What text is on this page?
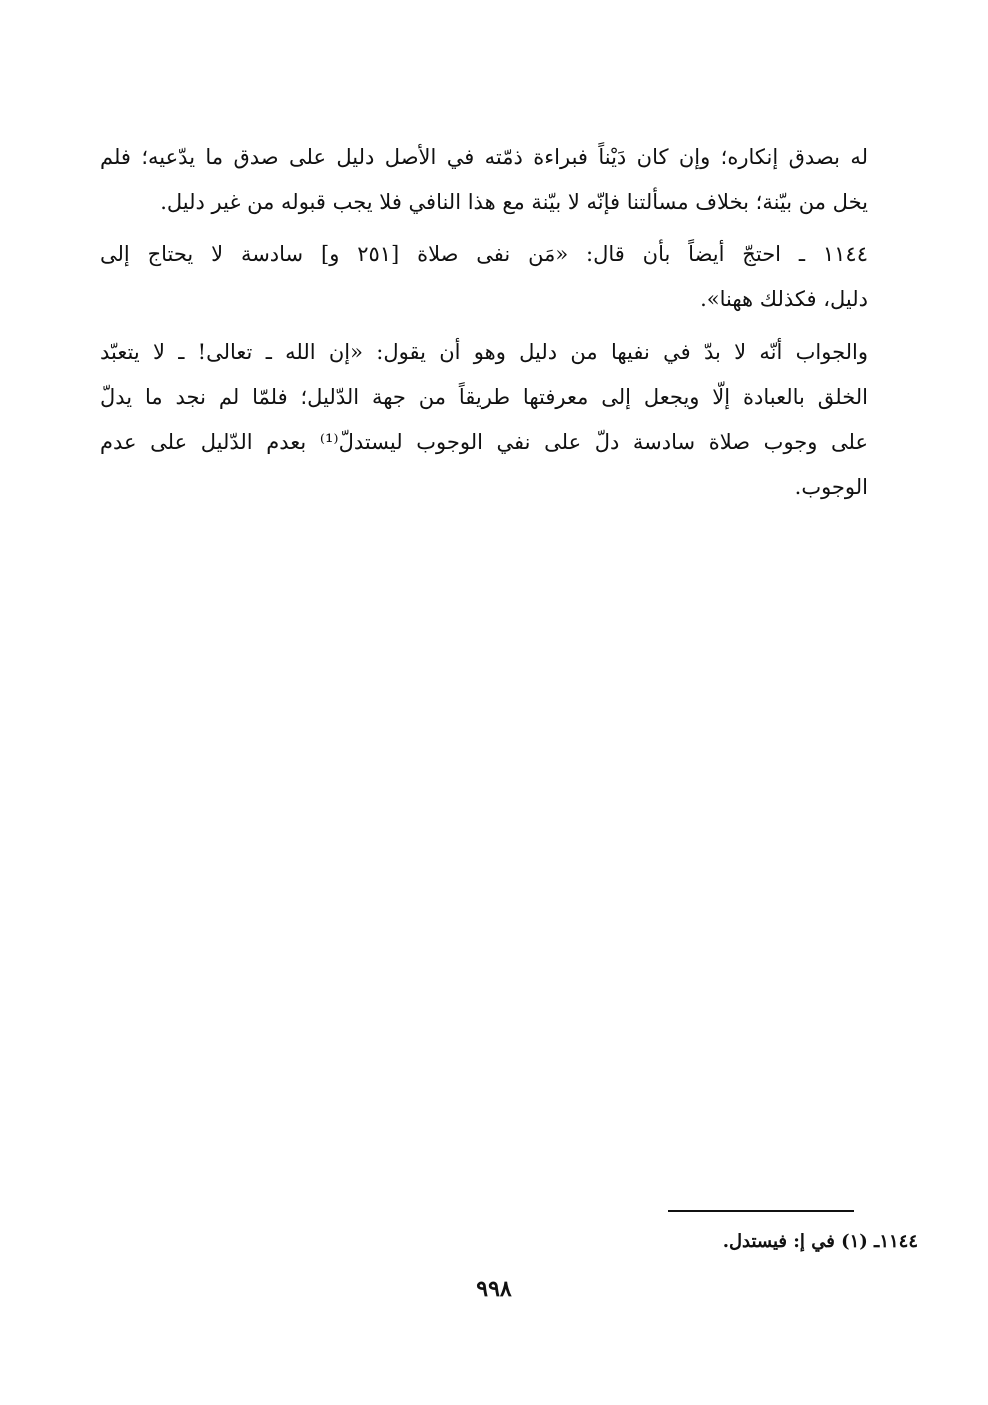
له بصدق إنكاره؛ وإن كان دَيْناً فبراءة ذمّته في الأصل دليل على صدق ما يدّعيه؛ فلم
يخل من بيّنة؛ بخلاف مسألتنا فإنّه لا بيّنة مع هذا النافي فلا يجب قبوله من غير دليل.
١١٤٤ ـ احتجّ أيضاً بأن قال: «مَن نفى صلاة [٢٥١ و] سادسة لا يحتاج إلى
دليل، فكذلك ههنا».
والجواب أنّه لا بدّ في نفيها من دليل وهو أن يقول: «إن الله ـ تعالى! ـ لا يتعبّد
الخلق بالعبادة إلّا ويجعل إلى معرفتها طريقاً من جهة الدّليل؛ فلمّا لم نجد ما يدلّ
على وجوب صلاة سادسة دلّ على نفي الوجوب ليستدلّ⁽¹⁾ بعدم الدّليل على عدم
الوجوب.
١١٤٤ـ (١) في إ: فيستدل.
٩٩٨
